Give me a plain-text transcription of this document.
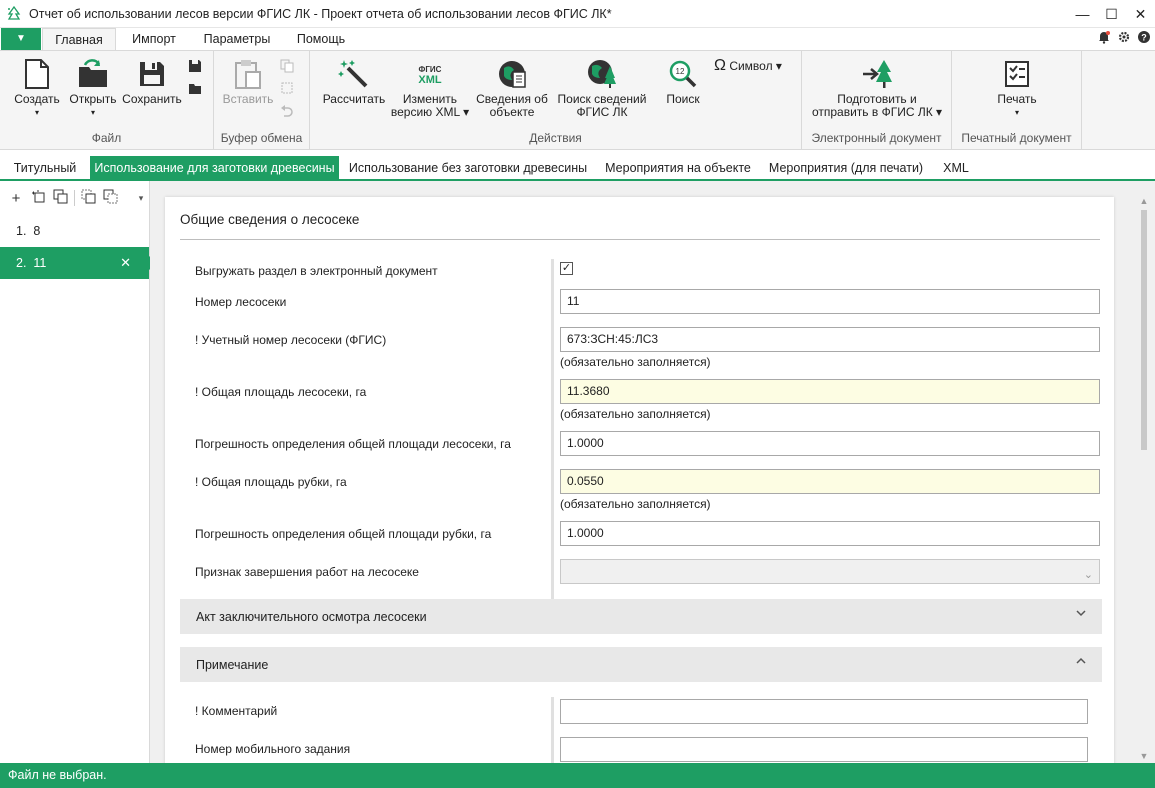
Отчет об использовании лесов версии ФГИС ЛК - Проект отчета об использовании лесов ФГИС ЛК*	—	☐	✕
▼	Главная	Импорт	Параметры	Помощь	?
Создать
▾
Открыть
▾
Сохранить
Файл
Вставить
Буфер обмена
Рассчитать
ФГИС
XML
Изменить
версию XML ▾
Сведения об
объекте
Поиск сведений
ФГИС ЛК
12
Поиск
Ω Символ ▾
Действия
Подготовить и
отправить в ФГИС ЛК ▾
Электронный документ
Печать
▾
Печатный документ
Титульный	Использование для заготовки древесины	Использование без заготовки древесины	Мероприятия на объекте	Мероприятия (для печати)	XML
+	▾
1. 8
2. 11	✕
Общие сведения о лесосеке
Выгружать раздел в электронный документ	✓
Номер лесосеки	11
! Учетный номер лесосеки (ФГИС)	673:ЗСН:45:ЛС3
(обязательно заполняется)
! Общая площадь лесосеки, га	11.3680
(обязательно заполняется)
Погрешность определения общей площади лесосеки, га	1.0000
! Общая площадь рубки, га	0.0550
(обязательно заполняется)
Погрешность определения общей площади рубки, га	1.0000
Признак завершения работ на лесосеке	⌄
Акт заключительного осмотра лесосеки
Примечание
! Комментарий
Номер мобильного задания
▲
▼
Файл не выбран.
